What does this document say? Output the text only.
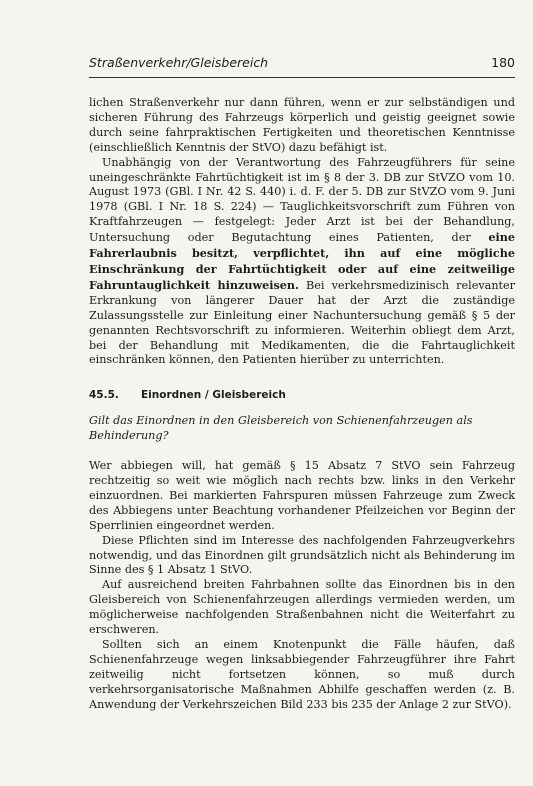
Straßenverkehr/Gleisbereich	180

lichen Straßenverkehr nur dann führen, wenn er zur selbständigen und sicheren Führung des Fahrzeugs körperlich und geistig geeignet sowie durch seine fahrpraktischen Fertigkeiten und theoretischen Kenntnisse (einschließlich Kenntnis der StVO) dazu befähigt ist.

Unabhängig von der Verantwortung des Fahrzeugführers für seine uneingeschränkte Fahrtüchtigkeit ist im § 8 der 3. DB zur StVZO vom 10. August 1973 (GBl. I Nr. 42 S. 440) i. d. F. der 5. DB zur StVZO vom 9. Juni 1978 (GBl. I Nr. 18 S. 224) — Tauglichkeitsvorschrift zum Führen von Kraftfahrzeugen — festgelegt: Jeder Arzt ist bei der Behandlung, Untersuchung oder Begutachtung eines Patienten, der eine Fahrerlaubnis besitzt, verpflichtet, ihn auf eine mögliche Einschränkung der Fahrtüchtigkeit oder auf eine zeitweilige Fahruntauglichkeit hinzuweisen. Bei verkehrsmedizinisch relevanter Erkrankung von längerer Dauer hat der Arzt die zuständige Zulassungsstelle zur Einleitung einer Nachuntersuchung gemäß § 5 der genannten Rechtsvorschrift zu informieren. Weiterhin obliegt dem Arzt, bei der Behandlung mit Medikamenten, die die Fahrtauglichkeit einschränken können, den Patienten hierüber zu unterrichten.

45.5. Einordnen / Gleisbereich

Gilt das Einordnen in den Gleisbereich von Schienenfahrzeugen als Behinderung?

Wer abbiegen will, hat gemäß § 15 Absatz 7 StVO sein Fahrzeug rechtzeitig so weit wie möglich nach rechts bzw. links in den Verkehr einzuordnen. Bei markierten Fahrspuren müssen Fahrzeuge zum Zweck des Abbiegens unter Beachtung vorhandener Pfeilzeichen vor Beginn der Sperrlinien eingeordnet werden.

Diese Pflichten sind im Interesse des nachfolgenden Fahrzeugverkehrs notwendig, und das Einordnen gilt grundsätzlich nicht als Behinderung im Sinne des § 1 Absatz 1 StVO.

Auf ausreichend breiten Fahrbahnen sollte das Einordnen bis in den Gleisbereich von Schienenfahrzeugen allerdings vermieden werden, um möglicherweise nachfolgenden Straßenbahnen nicht die Weiterfahrt zu erschweren.

Sollten sich an einem Knotenpunkt die Fälle häufen, daß Schienenfahrzeuge wegen linksabbiegender Fahrzeugführer ihre Fahrt zeitweilig nicht fortsetzen können, so muß durch verkehrsorganisatorische Maßnahmen Abhilfe geschaffen werden (z. B. Anwendung der Verkehrszeichen Bild 233 bis 235 der Anlage 2 zur StVO).
